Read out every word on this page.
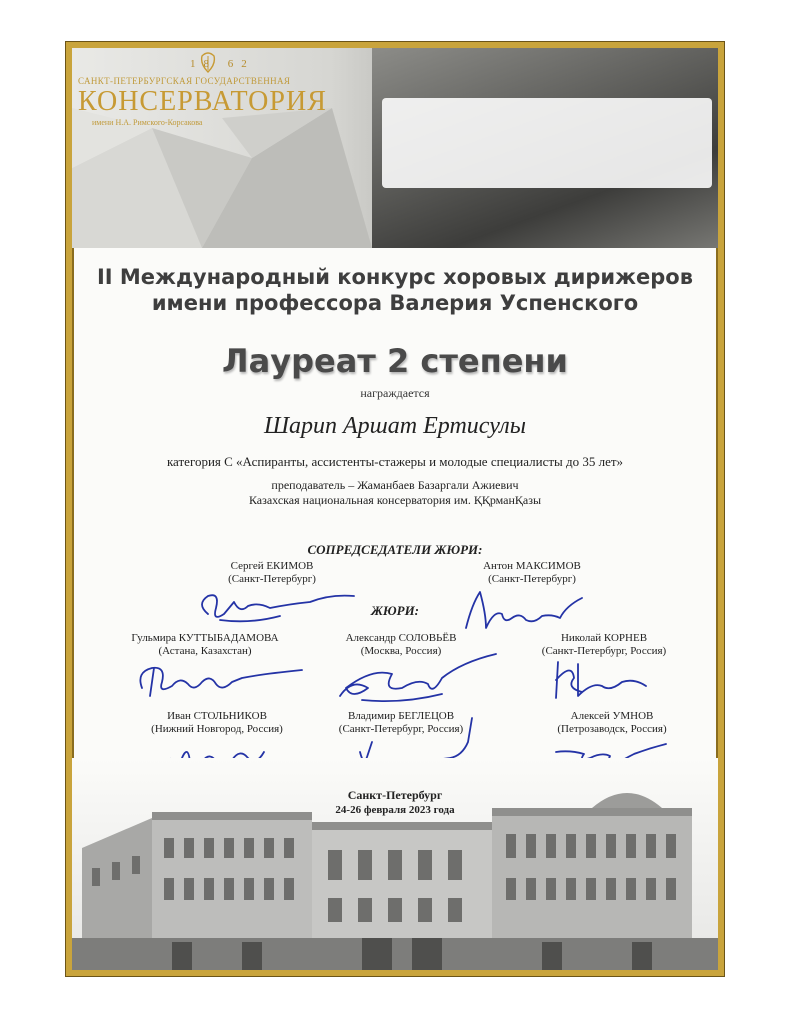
18 62
САНКТ-ПЕТЕРБУРГСКАЯ ГОСУДАРСТВЕННАЯ
КОНСЕРВАТОРИЯ
имени Н.А. Римского-Корсакова
II Международный конкурс хоровых дирижеров
имени профессора Валерия Успенского
Лауреат 2 степени
награждается
Шарип Аршат Ертисулы
категория С «Аспиранты, ассистенты-стажеры и молодые специалисты до 35 лет»
преподаватель – Жаманбаев Базаргали Ажиевич
Казахская национальная консерватория им. ҚҚрманҚазы
СОПРЕДСЕДАТЕЛИ ЖЮРИ:
Сергей ЕКИМОВ
(Санкт-Петербург)
Антон МАКСИМОВ
(Санкт-Петербург)
ЖЮРИ:
Гульмира КУТТЫБАДАМОВА
(Астана, Казахстан)
Александр СОЛОВЬЁВ
(Москва, Россия)
Николай КОРНЕВ
(Санкт-Петербург, Россия)
Иван СТОЛЬНИКОВ
(Нижний Новгород, Россия)
Владимир БЕГЛЕЦОВ
(Санкт-Петербург, Россия)
Алексей УМНОВ
(Петрозаводск, Россия)
Санкт-Петербург
24-26 февраля 2023 года
